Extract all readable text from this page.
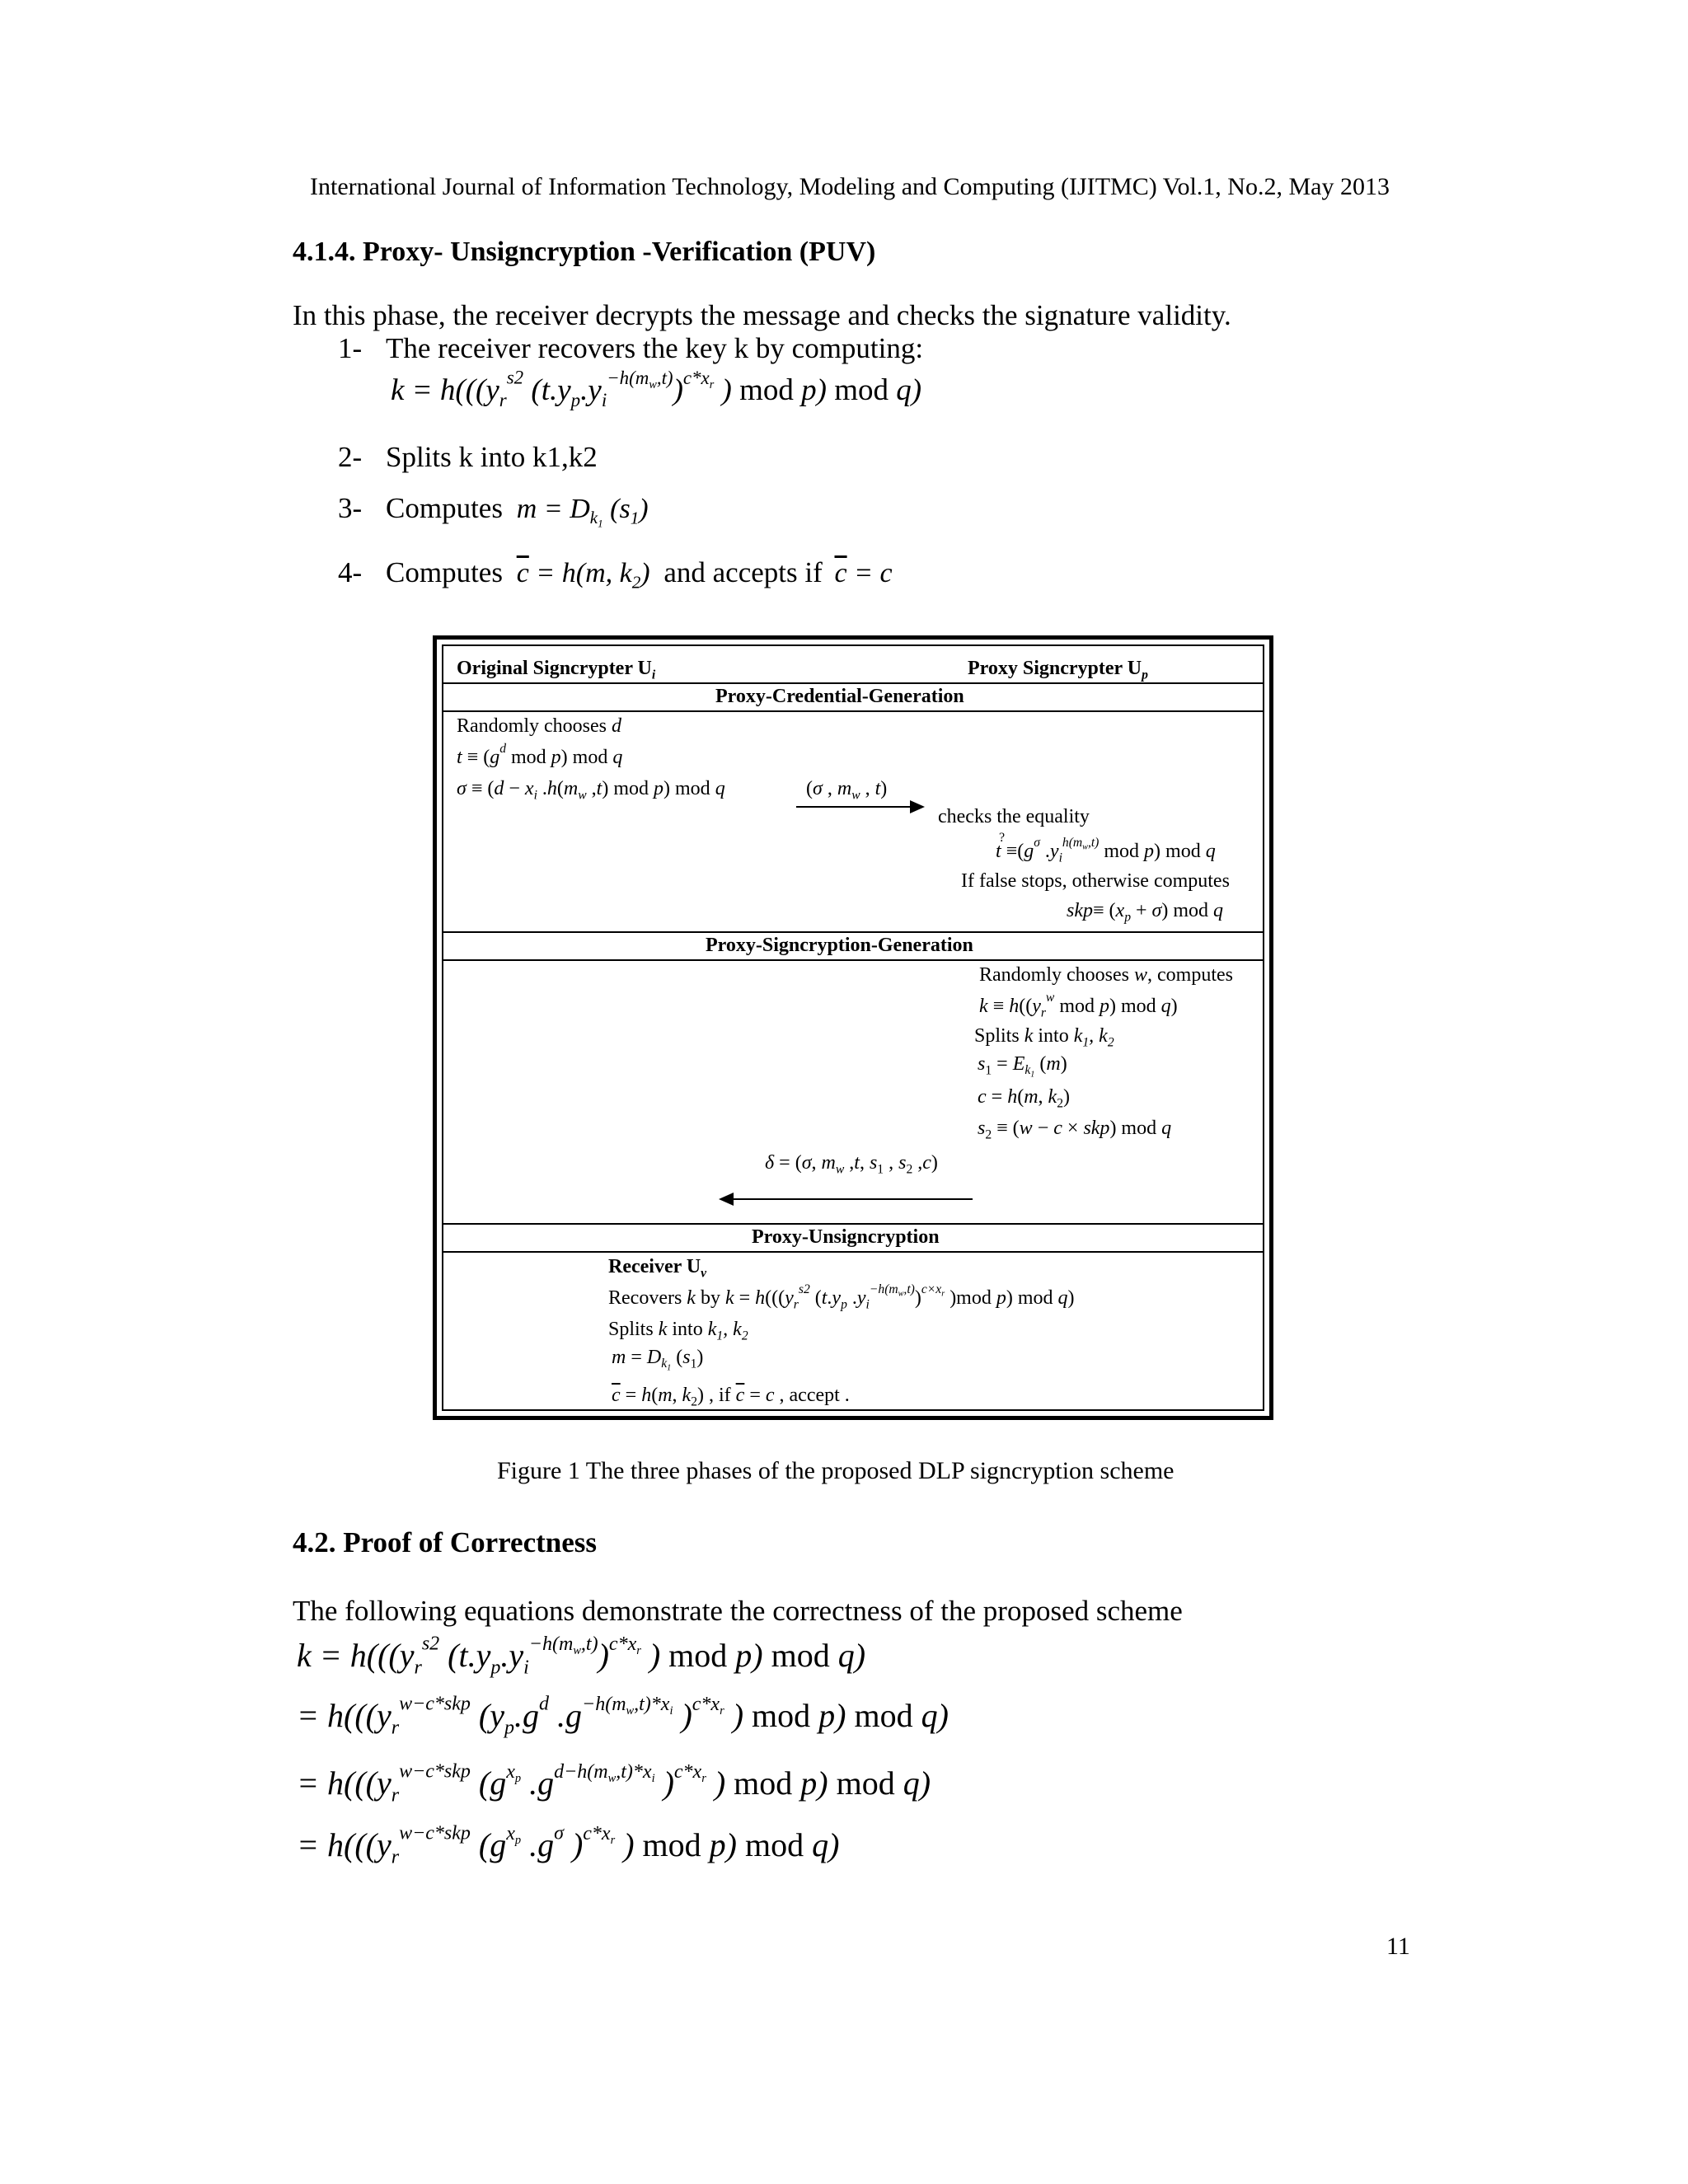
International Journal of Information Technology, Modeling and Computing (IJITMC) Vol.1, No.2, May 2013
4.1.4. Proxy- Unsigncryption -Verification (PUV)
In this phase, the receiver decrypts the message and checks the signature validity.
1- The receiver recovers the key k by computing:
$k = h(((y_r^{s2}$ $(t.y_p.y_i^{-h(m_w,t)})^{c*x_r}$ ) mod p) mod q)
2- Splits k into k1,k2
3- Computes $m = D_{k_1}$ $(s_1)$
4- Computes $\overline{c} = h(m$, $k_2$) and accepts if $\overline{c} = c$
Original Signcrypter $U_i$	Proxy Signcrypter $U_p$
Proxy-Credential-Generation
Randomly chooses d
$t \equiv (g^d$ mod p) mod q
$\sigma \equiv (d - x_i$ $.h(m_w$ ,t) mod p) mod q	(σ , $m_w$ , t)
checks the equality
?
$t \equiv(g^\sigma$ $.y_i^{h(m_w,t)}$ mod p) mod q
If false stops, otherwise computes
$skp\equiv (x_p + \sigma)$ mod q
Proxy-Signcryption-Generation
Randomly chooses w, computes
$k \equiv h((y_r^w$ mod p) mod q)
Splits k into $k_1$, $k_2$
$s_1 = E_{k_1}$ (m)
c = h(m, $k_2$)
$s_2 \equiv (w - c \times skp)$ mod q
δ = (σ, $m_w$ ,t, $s_1$ , $s_2$ ,c)
Proxy-Unsigncryption
Receiver $U_v$
Recovers k by $k = h(((y_r^{s2}$ ($t.y_p$ $.y_i^{-h(m_w,t)})^{c\times x_r}$ )mod p) mod q)
Splits k into $k_1$, $k_2$
$m = D_{k_1}$ $(s_1)$
$\overline{c} = h(m$, $k_2$) , if $\overline{c} = c$ , accept .
Figure 1 The three phases of the proposed DLP signcryption scheme
4.2. Proof of Correctness
The following equations demonstrate the correctness of the proposed scheme
$k = h(((y_r^{s2}$ $(t.y_p.y_i^{-h(m_w,t)})^{c*x_r}$ ) mod p) mod q)
= $h(((y_r^{w-c*skp}$ ($y_p.g^d$ $.g^{-h(m_w,t)*x_i}$ )$^{c*x_r}$ ) mod p) mod q)
= $h(((y_r^{w-c*skp}$ ($g^{x_p}$ $.g^{d-h(m_w,t)*x_i}$ )$^{c*x_r}$ ) mod p) mod q)
= $h(((y_r^{w-c*skp}$ ($g^{x_p}$ $.g^\sigma$ )$^{c*x_r}$ ) mod p) mod q)
11
